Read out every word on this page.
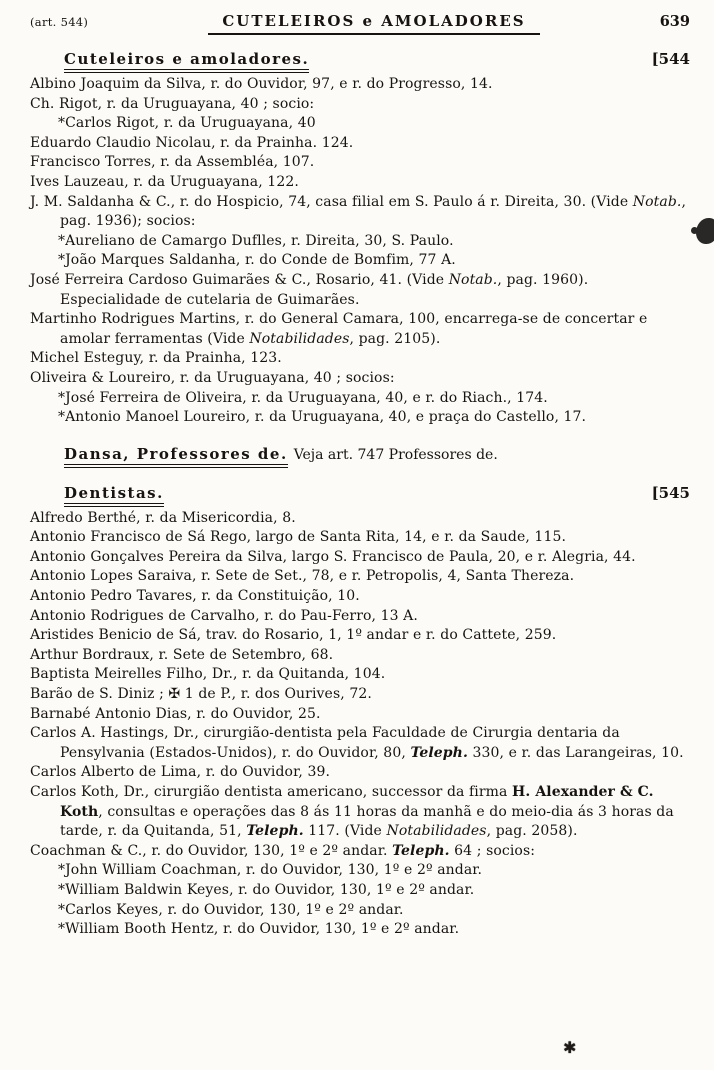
(art. 544)	CUTELEIROS e AMOLADORES	639
Cuteleiros e amoladores.	[544

Albino Joaquim da Silva, r. do Ouvidor, 97, e r. do Progresso, 14.

Ch. Rigot, r. da Uruguayana, 40 ; socio:

*Carlos Rigot, r. da Uruguayana, 40

Eduardo Claudio Nicolau, r. da Prainha. 124.

Francisco Torres, r. da Assembléa, 107.

Ives Lauzeau, r. da Uruguayana, 122.

J. M. Saldanha & C., r. do Hospicio, 74, casa filial em S. Paulo á r. Direita, 30. (Vide Notab., pag. 1936); socios:

*Aureliano de Camargo Duflles, r. Direita, 30, S. Paulo.

*João Marques Saldanha, r. do Conde de Bomfim, 77 A.

José Ferreira Cardoso Guimarães & C., Rosario, 41. (Vide Notab., pag. 1960). Especialidade de cutelaria de Guimarães.

Martinho Rodrigues Martins, r. do General Camara, 100, encarrega-se de concertar e amolar ferramentas (Vide Notabilidades, pag. 2105).

Michel Esteguy, r. da Prainha, 123.

Oliveira & Loureiro, r. da Uruguayana, 40 ; socios:

*José Ferreira de Oliveira, r. da Uruguayana, 40, e r. do Riach., 174.

*Antonio Manoel Loureiro, r. da Uruguayana, 40, e praça do Castello, 17.

Dansa, Professores de. Veja art. 747 Professores de.
Dentistas.	[545

Alfredo Berthé, r. da Misericordia, 8.

Antonio Francisco de Sá Rego, largo de Santa Rita, 14, e r. da Saude, 115.

Antonio Gonçalves Pereira da Silva, largo S. Francisco de Paula, 20, e r. Alegria, 44.

Antonio Lopes Saraiva, r. Sete de Set., 78, e r. Petropolis, 4, Santa Thereza.

Antonio Pedro Tavares, r. da Constituição, 10.

Antonio Rodrigues de Carvalho, r. do Pau-Ferro, 13 A.

Aristides Benicio de Sá, trav. do Rosario, 1, 1º andar e r. do Cattete, 259.

Arthur Bordraux, r. Sete de Setembro, 68.

Baptista Meirelles Filho, Dr., r. da Quitanda, 104.

Barão de S. Diniz ; ✠ 1 de P., r. dos Ourives, 72.

Barnabé Antonio Dias, r. do Ouvidor, 25.

Carlos A. Hastings, Dr., cirurgião-dentista pela Faculdade de Cirurgia dentaria da Pensylvania (Estados-Unidos), r. do Ouvidor, 80, Teleph. 330, e r. das Larangeiras, 10.

Carlos Alberto de Lima, r. do Ouvidor, 39.

Carlos Koth, Dr., cirurgião dentista americano, successor da firma H. Alexander & C. Koth, consultas e operações das 8 ás 11 horas da manhã e do meio-dia ás 3 horas da tarde, r. da Quitanda, 51, Teleph. 117. (Vide Notabilidades, pag. 2058).

Coachman & C., r. do Ouvidor, 130, 1º e 2º andar. Teleph. 64 ; socios:

*John William Coachman, r. do Ouvidor, 130, 1º e 2º andar.

*William Baldwin Keyes, r. do Ouvidor, 130, 1º e 2º andar.

*Carlos Keyes, r. do Ouvidor, 130, 1º e 2º andar.

*William Booth Hentz, r. do Ouvidor, 130, 1º e 2º andar.

✱
